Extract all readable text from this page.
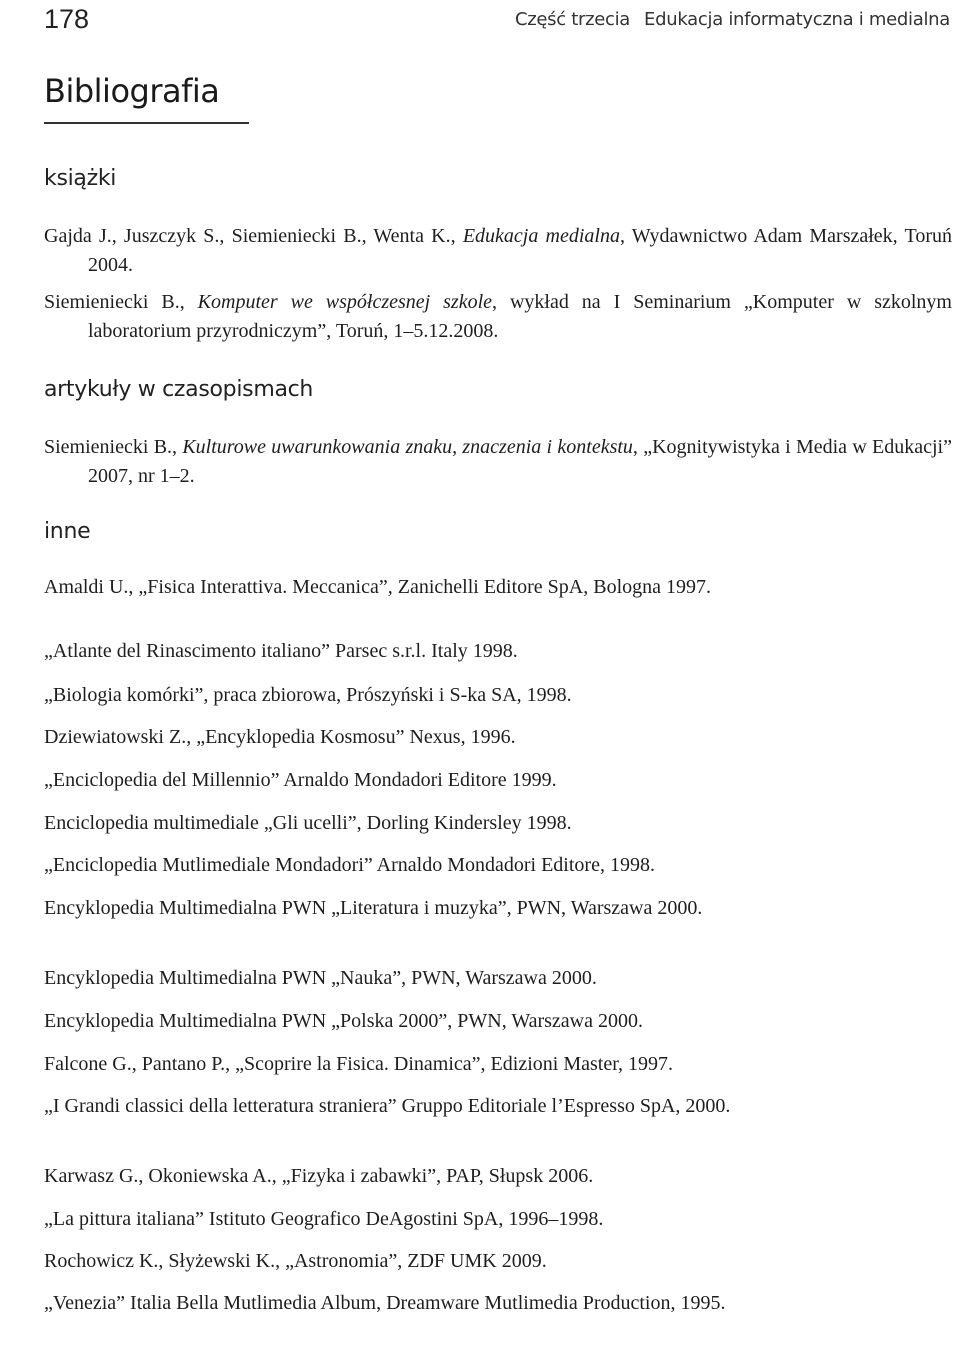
178	Część trzecia Edukacja informatyczna i medialna
Bibliografia
książki

Gajda J., Juszczyk S., Siemieniecki B., Wenta K., Edukacja medialna, Wydawnictwo Adam Marszałek, Toruń 2004.

Siemieniecki B., Komputer we współczesnej szkole, wykład na I Seminarium „Komputer w szkolnym laboratorium przyrodniczym”, Toruń, 1–5.12.2008.

artykuły w czasopismach

Siemieniecki B., Kulturowe uwarunkowania znaku, znaczenia i kontekstu, „Kognitywistyka i Media w Edukacji” 2007, nr 1–2.

inne

Amaldi U., „Fisica Interattiva. Meccanica”, Zanichelli Editore SpA, Bologna 1997.

„Atlante del Rinascimento italiano” Parsec s.r.l. Italy 1998.

„Biologia komórki”, praca zbiorowa, Prószyński i S-ka SA, 1998.

Dziewiatowski Z., „Encyklopedia Kosmosu” Nexus, 1996.

„Enciclopedia del Millennio” Arnaldo Mondadori Editore 1999.

Enciclopedia multimediale „Gli ucelli”, Dorling Kindersley 1998.

„Enciclopedia Mutlimediale Mondadori” Arnaldo Mondadori Editore, 1998.

Encyklopedia Multimedialna PWN „Literatura i muzyka”, PWN, Warszawa 2000.

Encyklopedia Multimedialna PWN „Nauka”, PWN, Warszawa 2000.

Encyklopedia Multimedialna PWN „Polska 2000”, PWN, Warszawa 2000.

Falcone G., Pantano P., „Scoprire la Fisica. Dinamica”, Edizioni Master, 1997.

„I Grandi classici della letteratura straniera” Gruppo Editoriale l’Espresso SpA, 2000.

Karwasz G., Okoniewska A., „Fizyka i zabawki”, PAP, Słupsk 2006.

„La pittura italiana” Istituto Geografico DeAgostini SpA, 1996–1998.

Rochowicz K., Słyżewski K., „Astronomia”, ZDF UMK 2009.

„Venezia” Italia Bella Mutlimedia Album, Dreamware Mutlimedia Production, 1995.
